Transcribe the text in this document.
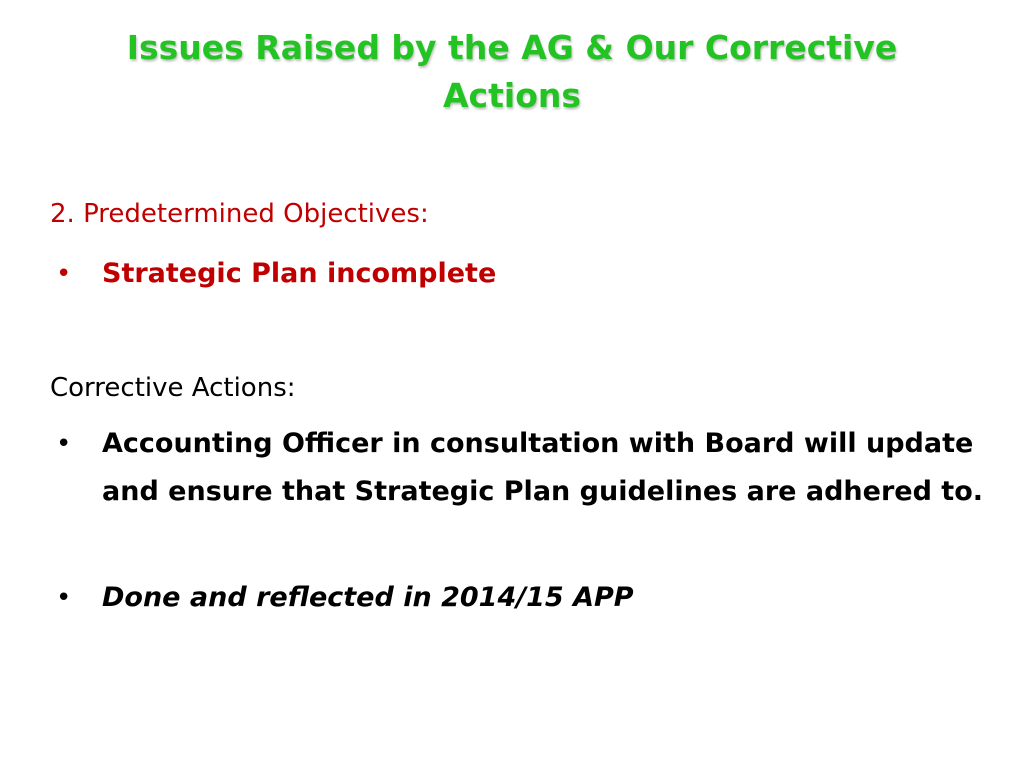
Issues Raised by the AG & Our Corrective Actions

2. Predetermined Objectives:

•	Strategic Plan incomplete

Corrective Actions:

•	Accounting Officer in consultation with Board will update and ensure that Strategic Plan guidelines are adhered to.
•	Done and reflected in 2014/15 APP
